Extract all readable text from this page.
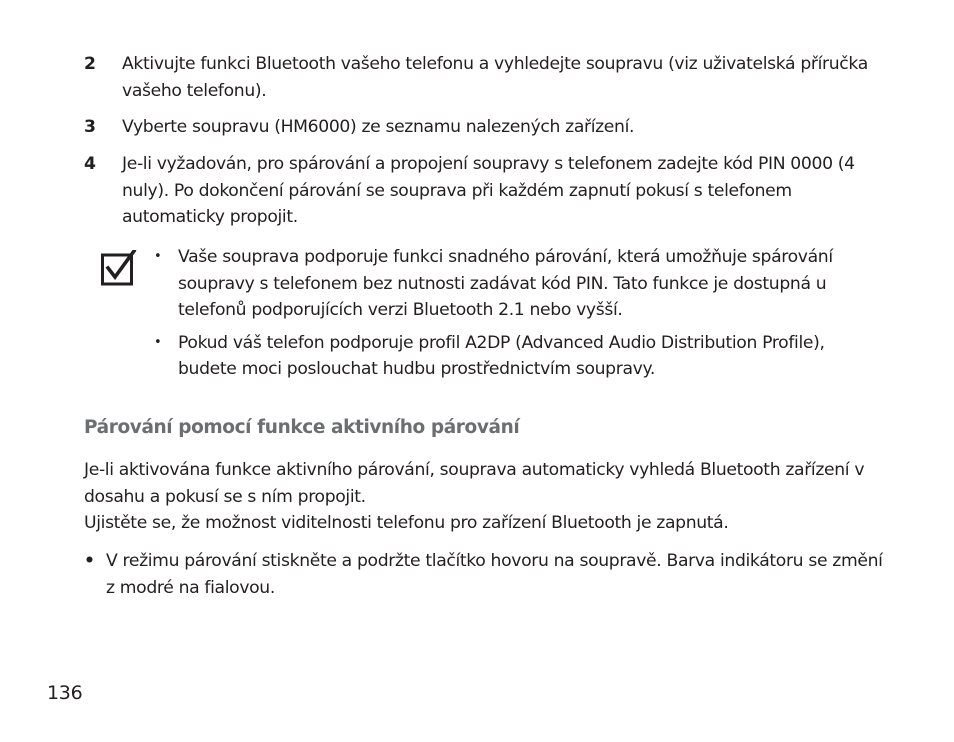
2	Aktivujte funkci Bluetooth vašeho telefonu a vyhledejte soupravu (viz uživatelská příručka vašeho telefonu).
3	Vyberte soupravu (HM6000) ze seznamu nalezených zařízení.
4	Je-li vyžadován, pro spárování a propojení soupravy s telefonem zadejte kód PIN 0000 (4 nuly). Po dokončení párování se souprava při každém zapnutí pokusí s telefonem automaticky propojit.
• Vaše souprava podporuje funkci snadného párování, která umožňuje spárování soupravy s telefonem bez nutnosti zadávat kód PIN. Tato funkce je dostupná u telefonů podporujících verzi Bluetooth 2.1 nebo vyšší.
• Pokud váš telefon podporuje profil A2DP (Advanced Audio Distribution Profile), budete moci poslouchat hudbu prostřednictvím soupravy.
Párování pomocí funkce aktivního párování

Je-li aktivována funkce aktivního párování, souprava automaticky vyhledá Bluetooth zařízení v dosahu a pokusí se s ním propojit.

Ujistěte se, že možnost viditelnosti telefonu pro zařízení Bluetooth je zapnutá.

• V režimu párování stiskněte a podržte tlačítko hovoru na soupravě. Barva indikátoru se změní z modré na fialovou.
136
